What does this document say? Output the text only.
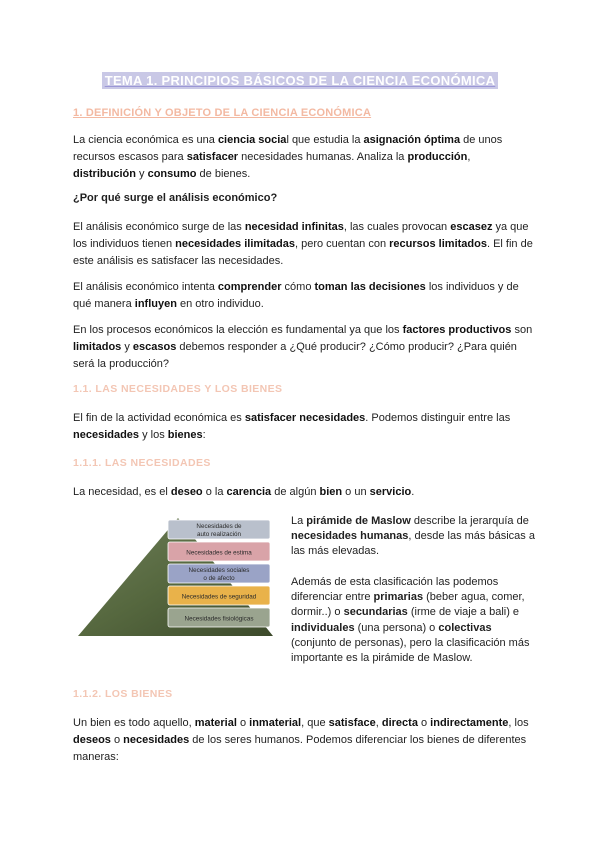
TEMA 1. PRINCIPIOS BÁSICOS DE LA CIENCIA ECONÓMICA
1. DEFINICIÓN Y OBJETO DE LA CIENCIA ECONÓMICA
La ciencia económica es una ciencia social que estudia la asignación óptima de unos recursos escasos para satisfacer necesidades humanas. Analiza la producción, distribución y consumo de bienes.
¿Por qué surge el análisis económico?
El análisis económico surge de las necesidad infinitas, las cuales provocan escasez ya que los individuos tienen necesidades ilimitadas, pero cuentan con recursos limitados. El fin de este análisis es satisfacer las necesidades.
El análisis económico intenta comprender cómo toman las decisiones los individuos y de qué manera influyen en otro individuo.
En los procesos económicos la elección es fundamental ya que los factores productivos son limitados y escasos debemos responder a ¿Qué producir? ¿Cómo producir? ¿Para quién será la producción?
1.1. LAS NECESIDADES Y LOS BIENES
El fin de la actividad económica es satisfacer necesidades. Podemos distinguir entre las necesidades y los bienes:
1.1.1. LAS NECESIDADES
La necesidad, es el deseo o la carencia de algún bien o un servicio.
Necesidades de
auto realización
Necesidades de estima
Necesidades sociales
o de afecto
Necesidades de seguridad
Necesidades fisiológicas
La pirámide de Maslow describe la jerarquía de necesidades humanas, desde las más básicas a las más elevadas.
Además de esta clasificación las podemos diferenciar entre primarias (beber agua, comer, dormir..) o secundarias (irme de viaje a bali) e individuales (una persona) o colectivas (conjunto de personas), pero la clasificación más importante es la pirámide de Maslow.
1.1.2. LOS BIENES
Un bien es todo aquello, material o inmaterial, que satisface, directa o indirectamente, los deseos o necesidades de los seres humanos. Podemos diferenciar los bienes de diferentes maneras:
